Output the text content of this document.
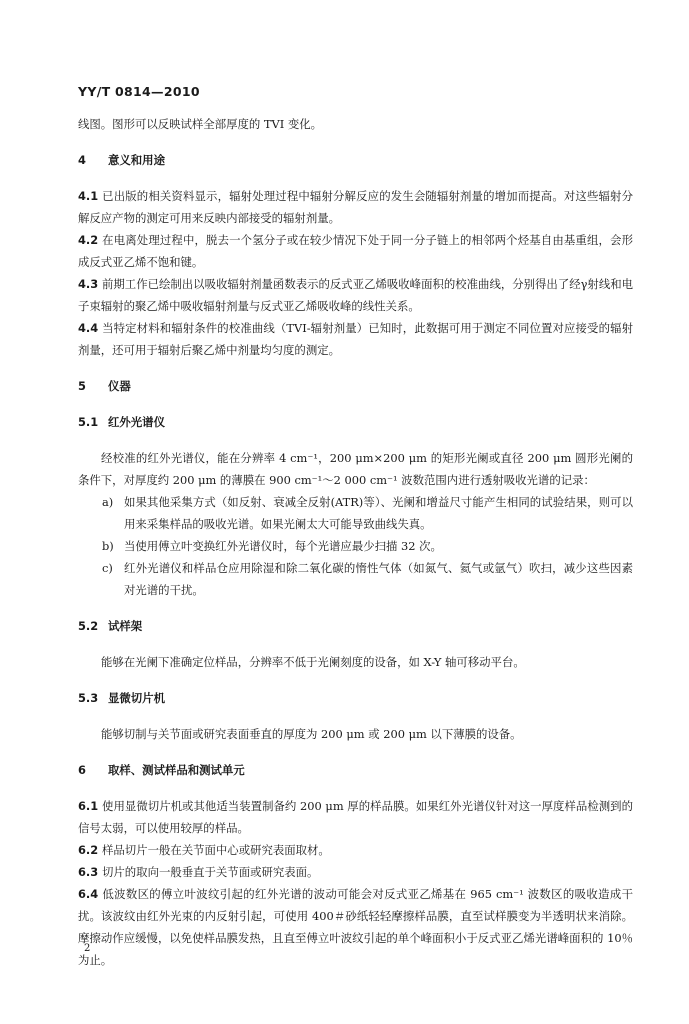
YY/T 0814—2010

线图。图形可以反映试样全部厚度的 TVI 变化。

4 意义和用途

4.1 已出版的相关资料显示，辐射处理过程中辐射分解反应的发生会随辐射剂量的增加而提高。对这些辐射分解反应产物的测定可用来反映内部接受的辐射剂量。

4.2 在电离处理过程中，脱去一个氢分子或在较少情况下处于同一分子链上的相邻两个烃基自由基重组，会形成反式亚乙烯不饱和键。

4.3 前期工作已绘制出以吸收辐射剂量函数表示的反式亚乙烯吸收峰面积的校准曲线，分别得出了经γ射线和电子束辐射的聚乙烯中吸收辐射剂量与反式亚乙烯吸收峰的线性关系。

4.4 当特定材料和辐射条件的校准曲线（TVI-辐射剂量）已知时，此数据可用于测定不同位置对应接受的辐射剂量，还可用于辐射后聚乙烯中剂量均匀度的测定。

5 仪器

5.1 红外光谱仪

经校准的红外光谱仪，能在分辨率 4 cm⁻¹，200 μm×200 μm 的矩形光阑或直径 200 μm 圆形光阑的条件下，对厚度约 200 μm 的薄膜在 900 cm⁻¹～2 000 cm⁻¹ 波数范围内进行透射吸收光谱的记录：

a) 如果其他采集方式（如反射、衰减全反射(ATR)等）、光阑和增益尺寸能产生相同的试验结果，则可以用来采集样品的吸收光谱。如果光阑太大可能导致曲线失真。

b) 当使用傅立叶变换红外光谱仪时，每个光谱应最少扫描 32 次。

c) 红外光谱仪和样品仓应用除湿和除二氧化碳的惰性气体（如氮气、氦气或氩气）吹扫，减少这些因素对光谱的干扰。

5.2 试样架

能够在光阑下准确定位样品，分辨率不低于光阑刻度的设备，如 X-Y 轴可移动平台。

5.3 显微切片机

能够切制与关节面或研究表面垂直的厚度为 200 μm 或 200 μm 以下薄膜的设备。

6 取样、测试样品和测试单元

6.1 使用显微切片机或其他适当装置制备约 200 μm 厚的样品膜。如果红外光谱仪针对这一厚度样品检测到的信号太弱，可以使用较厚的样品。

6.2 样品切片一般在关节面中心或研究表面取材。

6.3 切片的取向一般垂直于关节面或研究表面。

6.4 低波数区的傅立叶波纹引起的红外光谱的波动可能会对反式亚乙烯基在 965 cm⁻¹ 波数区的吸收造成干扰。该波纹由红外光束的内反射引起，可使用 400＃砂纸轻轻摩擦样品膜，直至试样膜变为半透明状来消除。摩擦动作应缓慢，以免使样品膜发热，且直至傅立叶波纹引起的单个峰面积小于反式亚乙烯光谱峰面积的 10％为止。

2
